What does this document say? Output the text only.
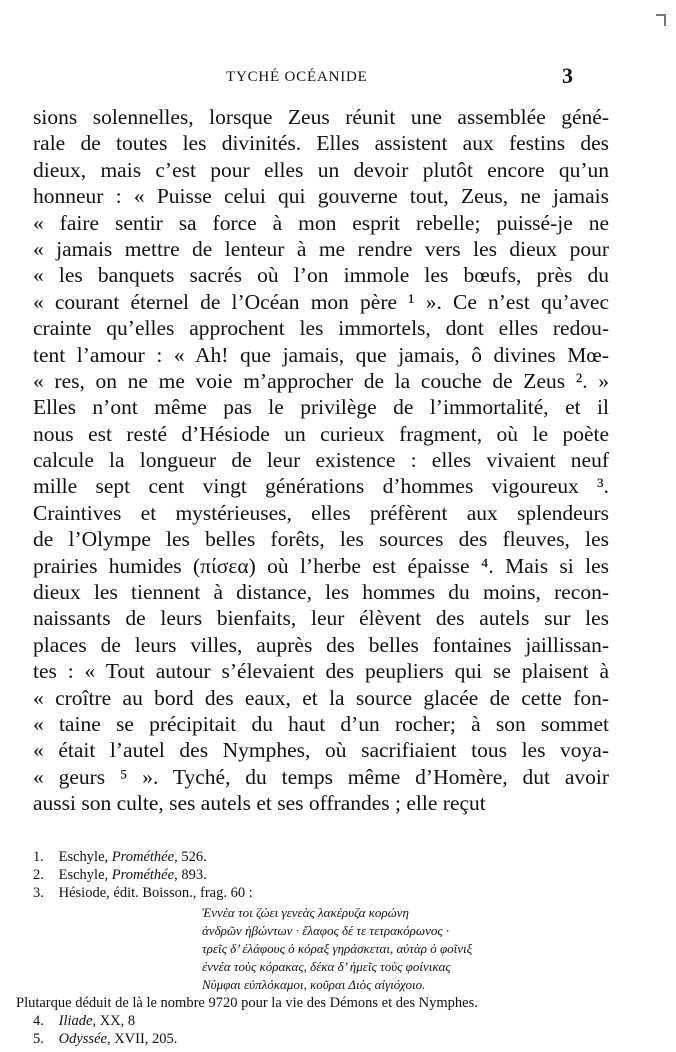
TYCHÉ OCÉANIDE	3
sions solennelles, lorsque Zeus réunit une assemblée géné-
rale de toutes les divinités. Elles assistent aux festins des
dieux, mais c’est pour elles un devoir plutôt encore qu’un
honneur : « Puisse celui qui gouverne tout, Zeus, ne jamais
« faire sentir sa force à mon esprit rebelle; puissé-je ne
« jamais mettre de lenteur à me rendre vers les dieux pour
« les banquets sacrés où l’on immole les bœufs, près du
« courant éternel de l’Océan mon père ¹ ». Ce n’est qu’avec
crainte qu’elles approchent les immortels, dont elles redou-
tent l’amour : « Ah! que jamais, que jamais, ô divines Mœ-
« res, on ne me voie m’approcher de la couche de Zeus ². »
Elles n’ont même pas le privilège de l’immortalité, et il
nous est resté d’Hésiode un curieux fragment, où le poète
calcule la longueur de leur existence : elles vivaient neuf
mille sept cent vingt générations d’hommes vigoureux ³.
Craintives et mystérieuses, elles préfèrent aux splendeurs
de l’Olympe les belles forêts, les sources des fleuves, les
prairies humides (πίσεα) où l’herbe est épaisse ⁴. Mais si les
dieux les tiennent à distance, les hommes du moins, recon-
naissants de leurs bienfaits, leur élèvent des autels sur les
places de leurs villes, auprès des belles fontaines jaillissan-
tes : « Tout autour s’élevaient des peupliers qui se plaisent à
« croître au bord des eaux, et la source glacée de cette fon-
« taine se précipitait du haut d’un rocher; à son sommet
« était l’autel des Nymphes, où sacrifiaient tous les voya-
« geurs ⁵ ». Tyché, du temps même d’Homère, dut avoir
aussi son culte, ses autels et ses offrandes ; elle reçut
1. Eschyle, Prométhée, 526.
2. Eschyle, Prométhée, 893.
3. Hésiode, édit. Boisson., frag. 60 :
Ἐννέα τοι ζώει γενεὰς λακέρυζα κορώνη
ἀνδρῶν ἡβώντων · ἔλαφος δέ τε τετρακόρωνος ·
τρεῖς δ’ ἐλάφους ὁ κόραξ γηράσκεται, αὐτὰρ ὁ φοῖνιξ
ἐννέα τοὺς κόρακας, δέκα δ’ ἡμεῖς τοὺς φοίνικας
Νύμφαι εὐπλόκαμοι, κοῦραι Διὸς αἰγιόχοιο.
Plutarque déduit de là le nombre 9720 pour la vie des Démons et des Nymphes.
4. Iliade, XX, 8
5. Odyssée, XVII, 205.
